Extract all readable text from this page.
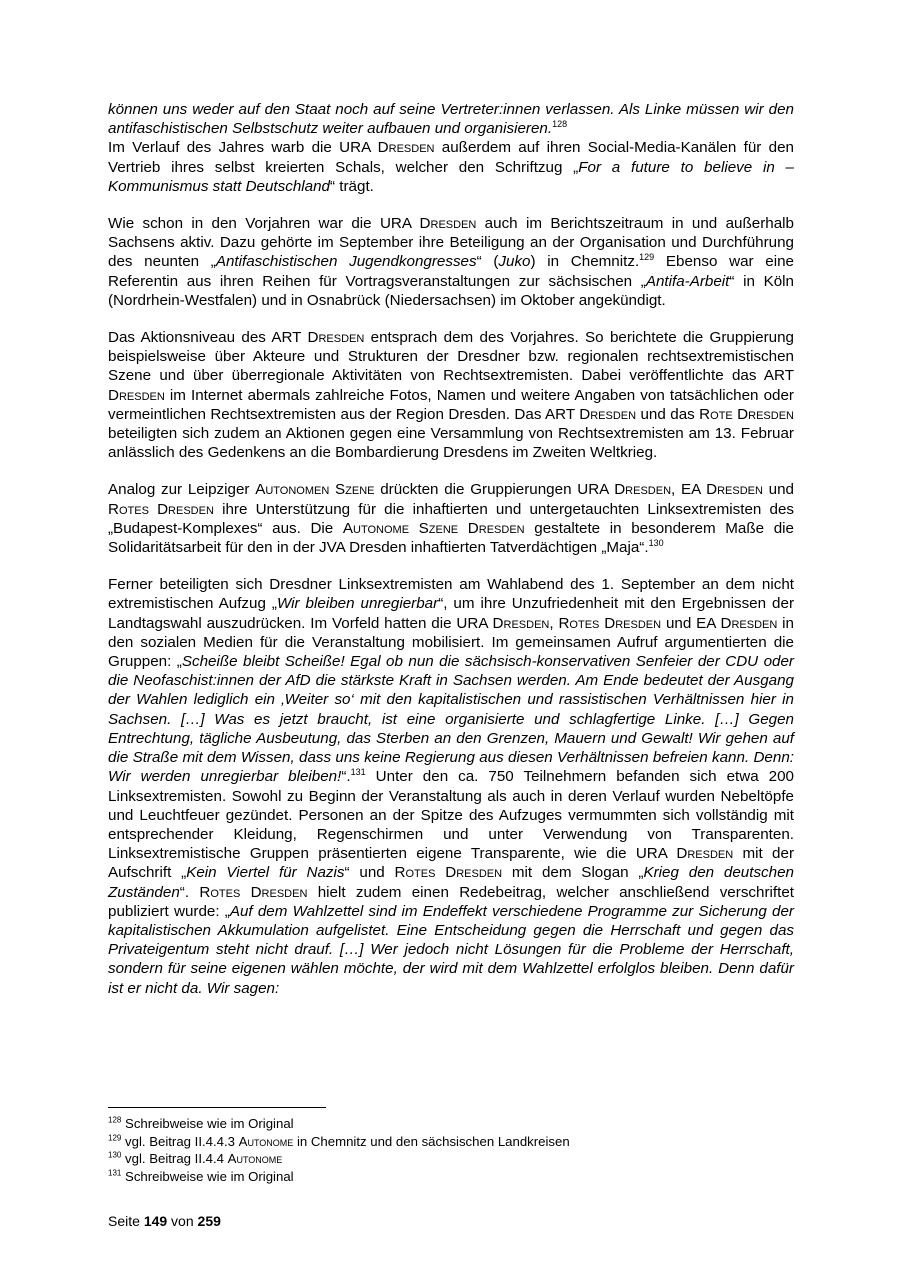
können uns weder auf den Staat noch auf seine Vertreter:innen verlassen. Als Linke müssen wir den antifaschistischen Selbstschutz weiter aufbauen und organisieren.$^{128}$

Im Verlauf des Jahres warb die URA Dresden außerdem auf ihren Social-Media-Kanälen für den Vertrieb ihres selbst kreierten Schals, welcher den Schriftzug „For a future to believe in – Kommunismus statt Deutschland“ trägt.

Wie schon in den Vorjahren war die URA Dresden auch im Berichtszeitraum in und außerhalb Sachsens aktiv. Dazu gehörte im September ihre Beteiligung an der Organisation und Durchführung des neunten „Antifaschistischen Jugendkongresses“ (Juko) in Chemnitz.$^{129}$ Ebenso war eine Referentin aus ihren Reihen für Vortragsveranstaltungen zur sächsischen „Antifa-Arbeit“ in Köln (Nordrhein-Westfalen) und in Osnabrück (Niedersachsen) im Oktober angekündigt.

Das Aktionsniveau des ART Dresden entsprach dem des Vorjahres. So berichtete die Gruppierung beispielsweise über Akteure und Strukturen der Dresdner bzw. regionalen rechtsextremistischen Szene und über überregionale Aktivitäten von Rechtsextremisten. Dabei veröffentlichte das ART Dresden im Internet abermals zahlreiche Fotos, Namen und weitere Angaben von tatsächlichen oder vermeintlichen Rechtsextremisten aus der Region Dresden. Das ART Dresden und das Rote Dresden beteiligten sich zudem an Aktionen gegen eine Versammlung von Rechtsextremisten am 13. Februar anlässlich des Gedenkens an die Bombardierung Dresdens im Zweiten Weltkrieg.

Analog zur Leipziger Autonomen Szene drückten die Gruppierungen URA Dresden, EA Dresden und Rotes Dresden ihre Unterstützung für die inhaftierten und untergetauchten Linksextremisten des „Budapest-Komplexes“ aus. Die Autonome Szene Dresden gestaltete in besonderem Maße die Solidaritätsarbeit für den in der JVA Dresden inhaftierten Tatverdächtigen „Maja“.$^{130}$

Ferner beteiligten sich Dresdner Linksextremisten am Wahlabend des 1. September an dem nicht extremistischen Aufzug „Wir bleiben unregierbar“, um ihre Unzufriedenheit mit den Ergebnissen der Landtagswahl auszudrücken. Im Vorfeld hatten die URA Dresden, Rotes Dresden und EA Dresden in den sozialen Medien für die Veranstaltung mobilisiert. Im gemeinsamen Aufruf argumentierten die Gruppen: „Scheiße bleibt Scheiße! Egal ob nun die sächsisch-konservativen Senfeier der CDU oder die Neofaschist:innen der AfD die stärkste Kraft in Sachsen werden. Am Ende bedeutet der Ausgang der Wahlen lediglich ein ‚Weiter so‘ mit den kapitalistischen und rassistischen Verhältnissen hier in Sachsen. […] Was es jetzt braucht, ist eine organisierte und schlagfertige Linke. […] Gegen Entrechtung, tägliche Ausbeutung, das Sterben an den Grenzen, Mauern und Gewalt! Wir gehen auf die Straße mit dem Wissen, dass uns keine Regierung aus diesen Verhältnissen befreien kann. Denn: Wir werden unregierbar bleiben!“.$^{131}$ Unter den ca. 750 Teilnehmern befanden sich etwa 200 Linksextremisten. Sowohl zu Beginn der Veranstaltung als auch in deren Verlauf wurden Nebeltöpfe und Leuchtfeuer gezündet. Personen an der Spitze des Aufzuges vermummten sich vollständig mit entsprechender Kleidung, Regenschirmen und unter Verwendung von Transparenten. Linksextremistische Gruppen präsentierten eigene Transparente, wie die URA Dresden mit der Aufschrift „Kein Viertel für Nazis“ und Rotes Dresden mit dem Slogan „Krieg den deutschen Zuständen“. Rotes Dresden hielt zudem einen Redebeitrag, welcher anschließend verschriftet publiziert wurde: „Auf dem Wahlzettel sind im Endeffekt verschiedene Programme zur Sicherung der kapitalistischen Akkumulation aufgelistet. Eine Entscheidung gegen die Herrschaft und gegen das Privateigentum steht nicht drauf. […] Wer jedoch nicht Lösungen für die Probleme der Herrschaft, sondern für seine eigenen wählen möchte, der wird mit dem Wahlzettel erfolglos bleiben. Denn dafür ist er nicht da. Wir sagen:

$^{128}$ Schreibweise wie im Original
$^{129}$ vgl. Beitrag II.4.4.3 Autonome in Chemnitz und den sächsischen Landkreisen
$^{130}$ vgl. Beitrag II.4.4 Autonome
$^{131}$ Schreibweise wie im Original
Seite 149 von 259
